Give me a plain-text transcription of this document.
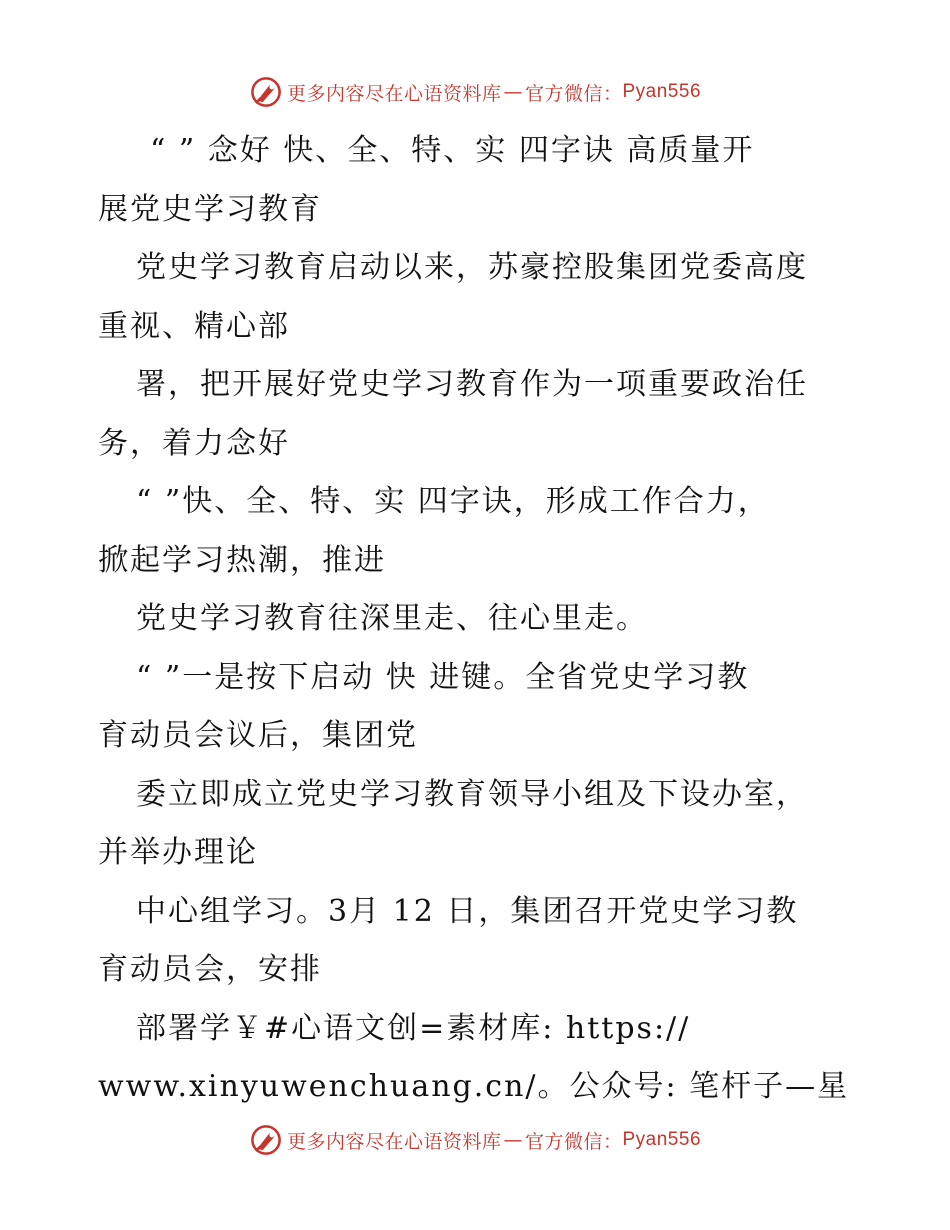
更多内容尽在心语资料库 — 官方微信： Pyan556
“ ” 念好 快、全、特、实 四字诀 高质量开
展党史学习教育
党史学习教育启动以来，苏豪控股集团党委高度
重视、精心部
署，把开展好党史学习教育作为一项重要政治任
务，着力念好
“ ”快、全、特、实 四字诀，形成工作合力，
掀起学习热潮，推进
党史学习教育往深里走、往心里走。
“ ”一是按下启动 快 进键。全省党史学习教
育动员会议后，集团党
委立即成立党史学习教育领导小组及下设办室，
并举办理论
中心组学习。3月 12 日，集团召开党史学习教
育动员会，安排
部署学￥#心语文创=素材库: https://
www.xinyuwenchuang.cn/。公众号: 笔杆子—星
更多内容尽在心语资料库 — 官方微信： Pyan556
